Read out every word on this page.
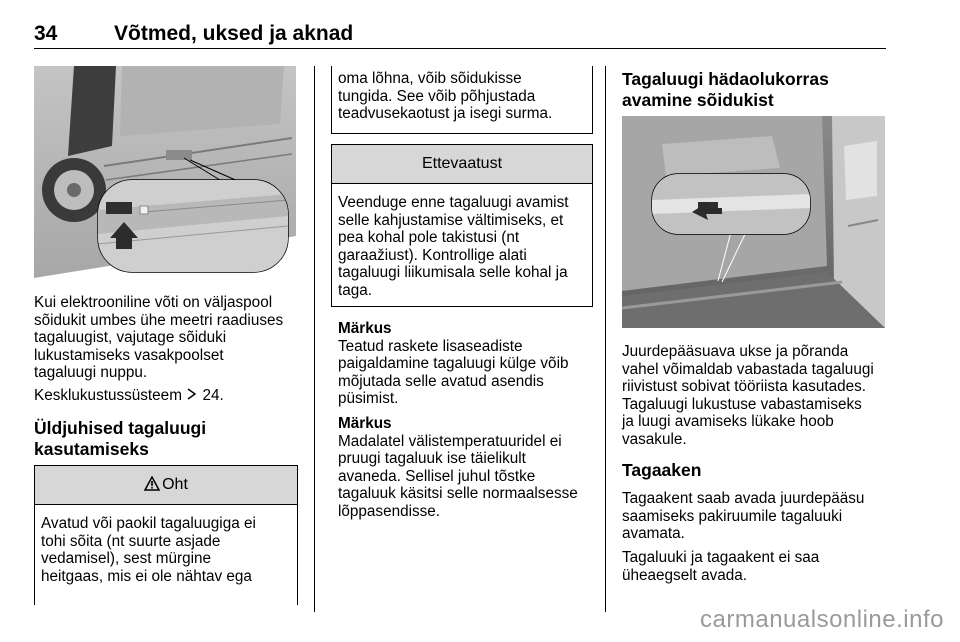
34	Võtmed, uksed ja aknad
Kui elektrooniline võti on väljaspool
sõidukit umbes ühe meetri raadiuses
tagaluugist, vajutage sõiduki
lukustamiseks vasakpoolset
tagaluugi nuppu.
Kesklukustussüsteem 24.
Üldjuhised tagaluugi
kasutamiseks
Oht
Avatud või paokil tagaluugiga ei
tohi sõita (nt suurte asjade
vedamisel), sest mürgine
heitgaas, mis ei ole nähtav ega
oma lõhna, võib sõidukisse
tungida. See võib põhjustada
teadvusekaotust ja isegi surma.
Ettevaatust
Veenduge enne tagaluugi avamist
selle kahjustamise vältimiseks, et
pea kohal pole takistusi (nt
garaažiust). Kontrollige alati
tagaluugi liikumisala selle kohal ja
taga.
Märkus
Teatud raskete lisaseadiste
paigaldamine tagaluugi külge võib
mõjutada selle avatud asendis
püsimist.
Märkus
Madalatel välistemperatuuridel ei
pruugi tagaluuk ise täielikult
avaneda. Sellisel juhul tõstke
tagaluuk käsitsi selle normaalsesse
lõppasendisse.
Tagaluugi hädaolukorras
avamine sõidukist
Juurdepääsuava ukse ja põranda
vahel võimaldab vabastada tagaluugi
riivistust sobivat tööriista kasutades.
Tagaluugi lukustuse vabastamiseks
ja luugi avamiseks lükake hoob
vasakule.
Tagaaken
Tagaakent saab avada juurdepääsu
saamiseks pakiruumile tagaluuki
avamata.
Tagaluuki ja tagaakent ei saa
üheaegselt avada.
carmanualsonline.info
